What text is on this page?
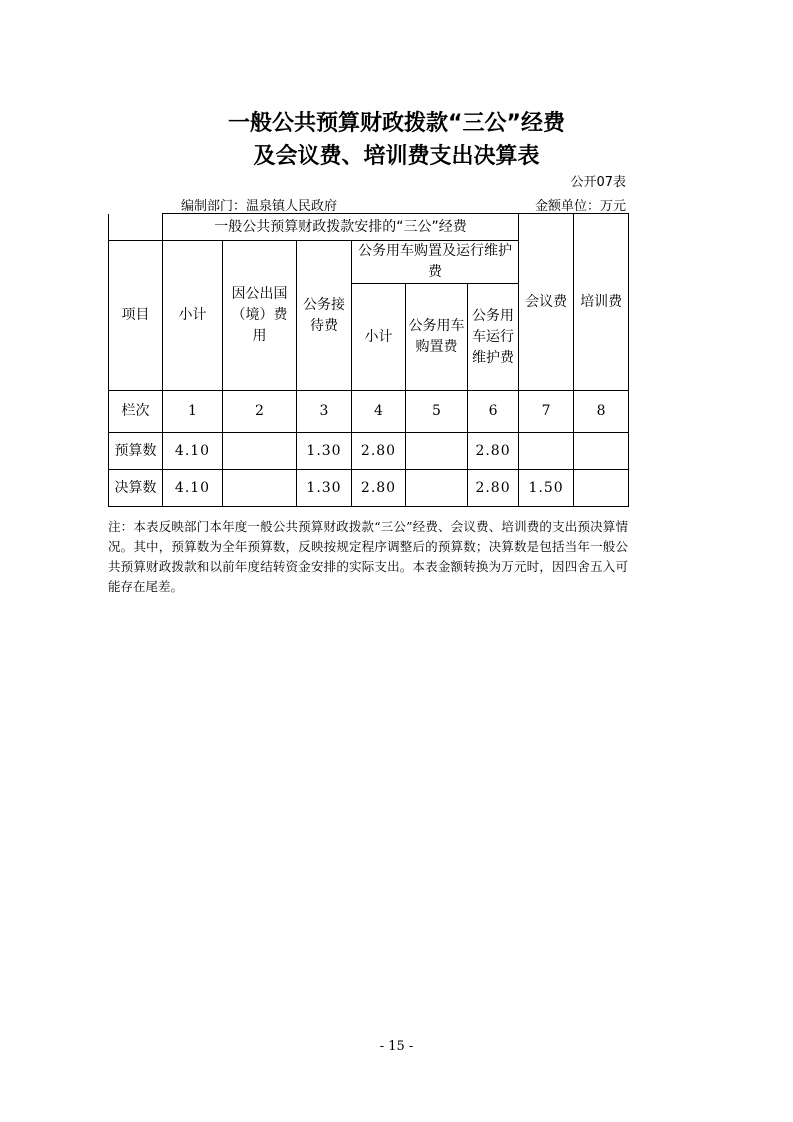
一般公共预算财政拨款“三公”经费
及会议费、培训费支出决算表
公开07表
编制部门：温泉镇人民政府	金额单位：万元
	一般公共预算财政拨款安排的“三公”经费						会议费	培训费
项目	小计	因公出国（境）费用	公务接待费	公务用车购置及运行维护费				
				小计	公务用车购置费	公务用车运行维护费		

栏次	1	2	3	4	5	6	7	8
预算数	4.10		1.30	2.80		2.80		
决算数	4.10		1.30	2.80		2.80	1.50	
注：本表反映部门本年度一般公共预算财政拨款“三公”经费、会议费、培训费的支出预决算情况。其中，预算数为全年预算数，反映按规定程序调整后的预算数；决算数是包括当年一般公共预算财政拨款和以前年度结转资金安排的实际支出。本表金额转换为万元时，因四舍五入可能存在尾差。
- 15 -
